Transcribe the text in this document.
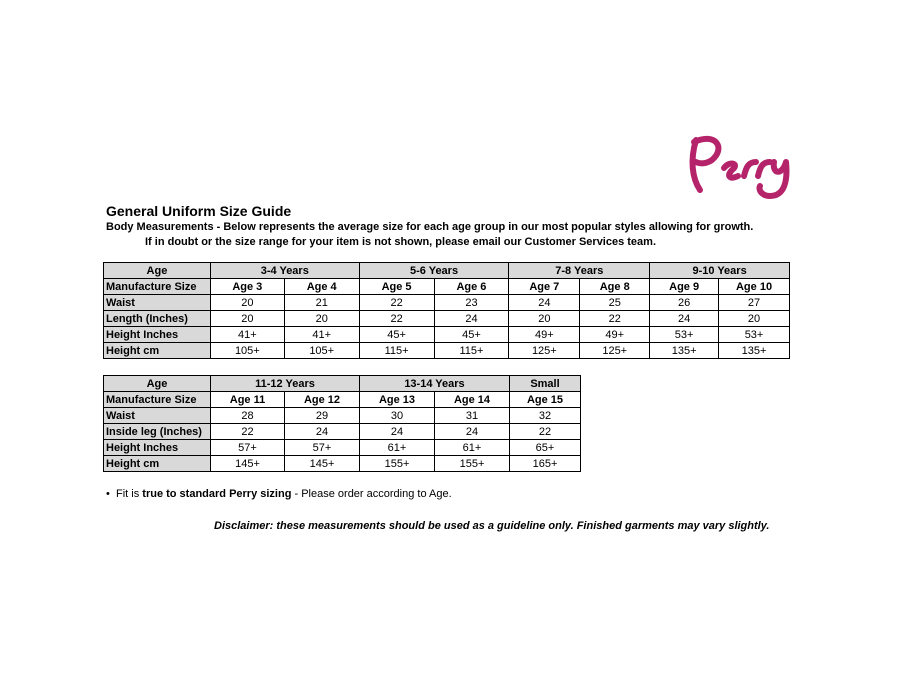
General Uniform Size Guide
Body Measurements - Below represents the average size for each age group in our most popular styles allowing for growth.
If in doubt or the size range for your item is not shown, please email our Customer Services team.
Age	3-4 Years		5-6 Years		7-8 Years		9-10 Years	
Manufacture Size	Age 3	Age 4	Age 5	Age 6	Age 7	Age 8	Age 9	Age 10
Waist	20	21	22	23	24	25	26	27
Length (Inches)	20	20	22	24	20	22	24	20
Height Inches	41+	41+	45+	45+	49+	49+	53+	53+
Height cm	105+	105+	115+	115+	125+	125+	135+	135+
Age	11-12 Years		13-14 Years		Small
Manufacture Size	Age 11	Age 12	Age 13	Age 14	Age 15
Waist	28	29	30	31	32
Inside leg (Inches)	22	24	24	24	22
Height Inches	57+	57+	61+	61+	65+
Height cm	145+	145+	155+	155+	165+
• Fit is true to standard Perry sizing - Please order according to Age.
Disclaimer: these measurements should be used as a guideline only. Finished garments may vary slightly.
